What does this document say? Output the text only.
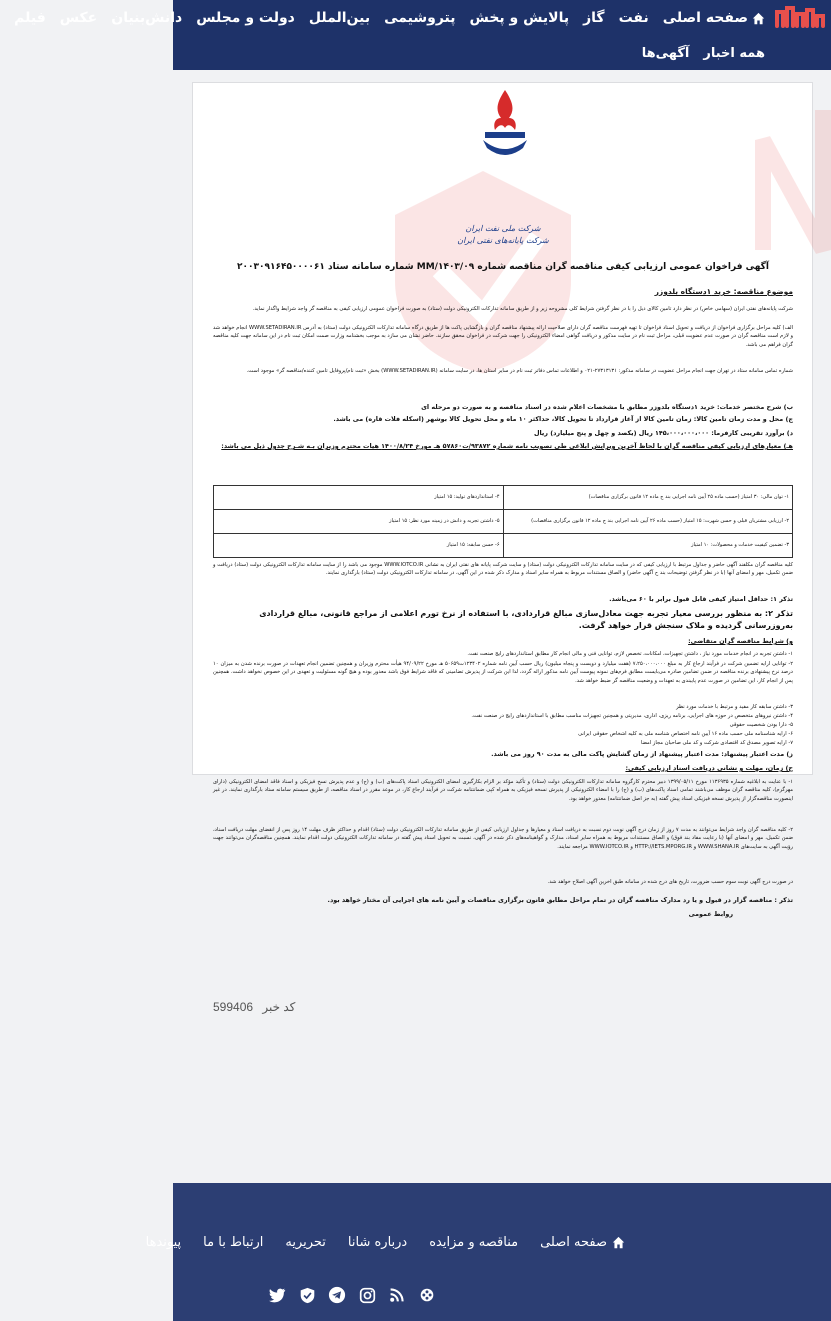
صفحه اصلی
نفت
گاز
پالایش و پخش
پتروشیمی
بین‌الملل
دولت و مجلس
دانش‌بنیان
عکس
فیلم
همه اخبار
آگهی‌ها
شرکت ملی نفت ایران
شرکت پایانه‌های نفتی ایران
آگهی فراخوان عمومی ارزیابی کیفی مناقصه گران مناقصه شماره ۱۴۰۳/۰۹/MM شماره سامانه ستاد ۲۰۰۳۰۹۱۶۴۵۰۰۰۰۶۱
موضوع مناقصه: خرید ۱دستگاه بلدوزر
شرکت پایانه‌های نفتی ایران (سهامی خاص) در نظر دارد تامین کالای ذیل را با در نظر گرفتن شرایط کلی مشروحه زیر و از طریق سامانه تدارکات الکترونیکی دولت (ستاد) به صورت فراخوان عمومی ارزیابی کیفی به مناقصه گر واجد شرایط واگذار نماید.
الف) کلیه مراحل برگزاری فراخوان از دریافت و تحویل اسناد فراخوان تا تهیه فهرست مناقصه گران دارای صلاحیت ارائه پیشنهاد مناقصه گران و بازگشایی پاکت ها از طریق درگاه سامانه تدارکات الکترونیکی دولت (ستاد) به آدرس WWW.SETADIRAN.IR انجام خواهد شد و لازم است مناقصه گران در صورت عدم عضویت قبلی، مراحل ثبت نام در سایت مذکور و دریافت گواهی امضاء الکترونیکی را جهت شرکت در فراخوان محقق سازند. حاضر نشان می سازد به موجب بخشنامه وزارت صمت امکان ثبت نام در این سامانه جهت کلیه مناقصه گران فراهم می باشد.
شماره تماس سامانه ستاد در تهران جهت انجام مراحل عضویت در سامانه مذکور: ۲۷۳۱۳۱۳۱-۰۲۱ و اطلاعات تماس دفاتر ثبت نام در سایر استان ها، در سایت سامانه (WWW.SETADIRAN.IR) بخش «ثبت نام/پروفایل تامین کننده/مناقصه گر» موجود است.
ب) شرح مختصر خدمات: خرید ۱دستگاه بلدوزر مطابق با مشخصات اعلام شده در اسناد مناقصه و به صورت دو مرحله ای
ج) محل و مدت زمان تامین کالا: زمان تامین کالا از آغاز قرارداد تا تحویل کالا، حداکثر ۱۰ ماه و محل تحویل کالا بوشهر (اسکله فلات قاره) می باشد.
د) برآورد تقریبی کارفرما: ۱۴۵،۰۰۰،۰۰۰،۰۰۰ ریال (یکصد و چهل و پنج میلیارد) ریال
هـ) معیارهای ارزیابی کیفی مناقصه گران با لحاظ آخرین ویرایش ابلاغی طی تصویب نامه شماره ۹۳۸۷۲/ت۵۷۸۶۰ هـ مورخ ۱۴۰۰/۸/۲۴ هیات محترم وزیران بـه شـرح جدول ذیل می باشد:
۱- توان مالی: ۳۰ امتیاز (حسب ماده ۲۵ آیین نامه اجرایی بند ج ماده ۱۲ قانون برگزاری مناقصات)	۴- استانداردهای تولید: ۱۵ امتیاز
۲- ارزیابی مشتریان قبلی و حسن شهرت: ۱۵ امتیاز (حسب ماده ۲۶ آیین نامه اجرایی بند ج ماده ۱۲ قانون برگزاری مناقصات)	۵- داشتن تجربه و دانش در زمینه مورد نظر: ۱۵ امتیاز
۳- تضمین کیفیت خدمات و محصولات: ۱۰ امتیاز	۶- حسن سابقه: ۱۵ امتیاز
کلیه مناقصه گران مکلفند آگهی حاضر و جداول مرتبط با ارزیابی کیفی که در سایت سامانه تدارکات الکترونیکی دولت (ستاد) و سایت شرکت پایانه های نفتی ایران به نشانی WWW.IOTCO.IR موجود می باشد را از سایت سامانه تدارکات الکترونیکی دولت (ستاد) دریافت و ضمن تکمیل، مهر و امضای آنها (با در نظر گرفتن توضیحات بند ح آگهی حاضر) و الصاق مستندات مربوط به همراه سایر اسناد و مدارک ذکر شده در این آگهی، در سامانه تدارکات الکترونیکی دولت (ستاد) بارگذاری نمایند.
تذکر ۱: حداقل امتیاز کیفی قابل قبول برابر با ۶۰ می‌باشد.
تذکر ۲: به منظور بررسی معیار تجربه جهت معادل‌سازی مبالغ قراردادی، با استفاده از نرخ تورم اعلامی از مراجع قانونی، مبالغ قراردادی به‌روزرسانی گردیده و ملاک سنجش قرار خواهد گرفت.
و) شرایط مناقصه گران متقاضی:
۱- داشتن تجربه در انجام خدمات مورد نیاز ، داشتن تجهیزات، امکانات، تخصص لازم، توانایی فنی و مالی انجام کار مطابق استانداردهای رایج صنعت نفت.
۲- توانایی ارایه تضمین شرکت در فرآیند ارجاع کار به مبلغ ۷،۲۵۰،۰۰۰،۰۰۰ (هفت میلیارد و دویست و پنجاه میلیون) ریال حسب آیین نامه شماره ۱۲۳۴۰۲ت۵۰۶۵۹ هـ مورخ ۹۴/۰۹/۲۲ هیأت محترم وزیران و همچنین تضمین انجام تعهدات در صورت برنده شدن به میزان ۱۰ درصد نرخ پیشنهادی برنده مناقصه در ضمن تضامین صادره می‌بایست مطابق فرم‌های نمونه پیوست آیین نامه مذکور ارائه گردد، لذا این شرکت از پذیرش تضامینی که فاقد شرایط فوق باشد معذور بوده و هیچ گونه مسئولیت و تعهدی در این خصوص نخواهد داشت. همچنین پس از انجام کار، این تضامین در صورت عدم پایبندی به تعهدات و وضعیت مناقصه گر ضبط خواهد شد.
۳- داشتن سابقه کار مفید و مرتبط با خدمات مورد نظر
۴- داشتن نیروهای متخصص در حوزه های اجرایی، برنامه ریزی، اداری، مدیریتی و همچنین تجهیزات مناسب مطابق با استانداردهای رایج در صنعت نفت.
۵- دارا بودن شخصیت حقوقی
۶- ارایه شناسنامه ملی حسب ماده ۱۶ آیین نامه اختصاص شناسه ملی به کلیه اشخاص حقوقی ایرانی
۷- ارایه تصویر مصدق کد اقتصادی شرکت و کد ملی صاحبان مجاز امضا
ز) مدت اعتبار پیشنهاد: مدت اعتبار پیشنهاد از زمان گشایش پاکت مالی به مدت ۹۰ روز می باشد.
ح) زمان، مهلت و نشانی دریافت اسناد ارزیابی کیفی:
۱- با عنایت به ابلاغیه شماره ۱۱۳۶۹۳۵ مورخ ۱۳۹۹/۰۵/۱۱ دبیر محترم کارگروه سامانه تدارکات الکترونیکی دولت (ستاد) و تأکید مؤکد بر الزام بکارگیری امضای الکترونیکی اسناد پاکت‌های (ب) و (ج) و عدم پذیرش نسخ فیزیکی و اسناد فاقد امضای الکترونیکی (دارای مهرگرم)، کلیه مناقصه گران موظف می‌باشند تمامی اسناد پاکت‌های (ب) و (ج) را با امضاء الکترونیکی از پذیرش نسخه فیزیکی به همراه کپی ضمانتنامه شرکت در فرآیند ارجاع کار، در موعد مقرر در اسناد مناقصه، از طریق سیستم سامانه ستاد بارگذاری نمایند. در غیر اینصورت مناقصه‌گزار از پذیرش نسخه فیزیکی اسناد پیش گفته (به جز اصل ضمانتنامه) معذور خواهد بود.
۲- کلیه مناقصه گران واجد شرایط می‌توانند به مدت ۷ روز از زمان درج آگهی نوبت دوم نسبت به دریافت اسناد و معیارها و جداول ارزیابی کیفی از طریق سامانه تدارکات الکترونیکی دولت (ستاد) اقدام و حداکثر ظرف مهلت ۱۴ روز پس از انقضای مهلت دریافت اسناد، ضمن تکمیل، مهر و امضای آنها (با رعایت مفاد بند فوق) و الصاق مستندات مربوط به همراه سایر اسناد، مدارک و گواهینامه‌های ذکر شده در آگهی، نسبت به تحویل اسناد پیش گفته در سامانه تدارکات الکترونیکی دولت اقدام نمایند. همچنین مناقصه‌گران می‌توانند جهت رؤیت آگهی به سایت‌های WWW.SHANA.IR و HTTP://IETS.MPORG.IR و WWW.IOTCO.IR مراجعه نمایند.
در صورت درج آگهی نوبت سوم حسب ضرورت، تاریخ های درج شده در سامانه طبق اخرین آگهی اصلاح خواهد شد.
تذکر : مناقصه گزار در قبول و یا رد مدارک مناقصه گران در تمام مراحل مطابق قانون برگزاری مناقصات و آیین نامه های اجرایی آن مختار خواهد بود.
روابط عمومی
599406 کد خبر
صفحه اصلی
مناقصه و مزایده
درباره شانا
تحریریه
ارتباط با ما
پیوندها
